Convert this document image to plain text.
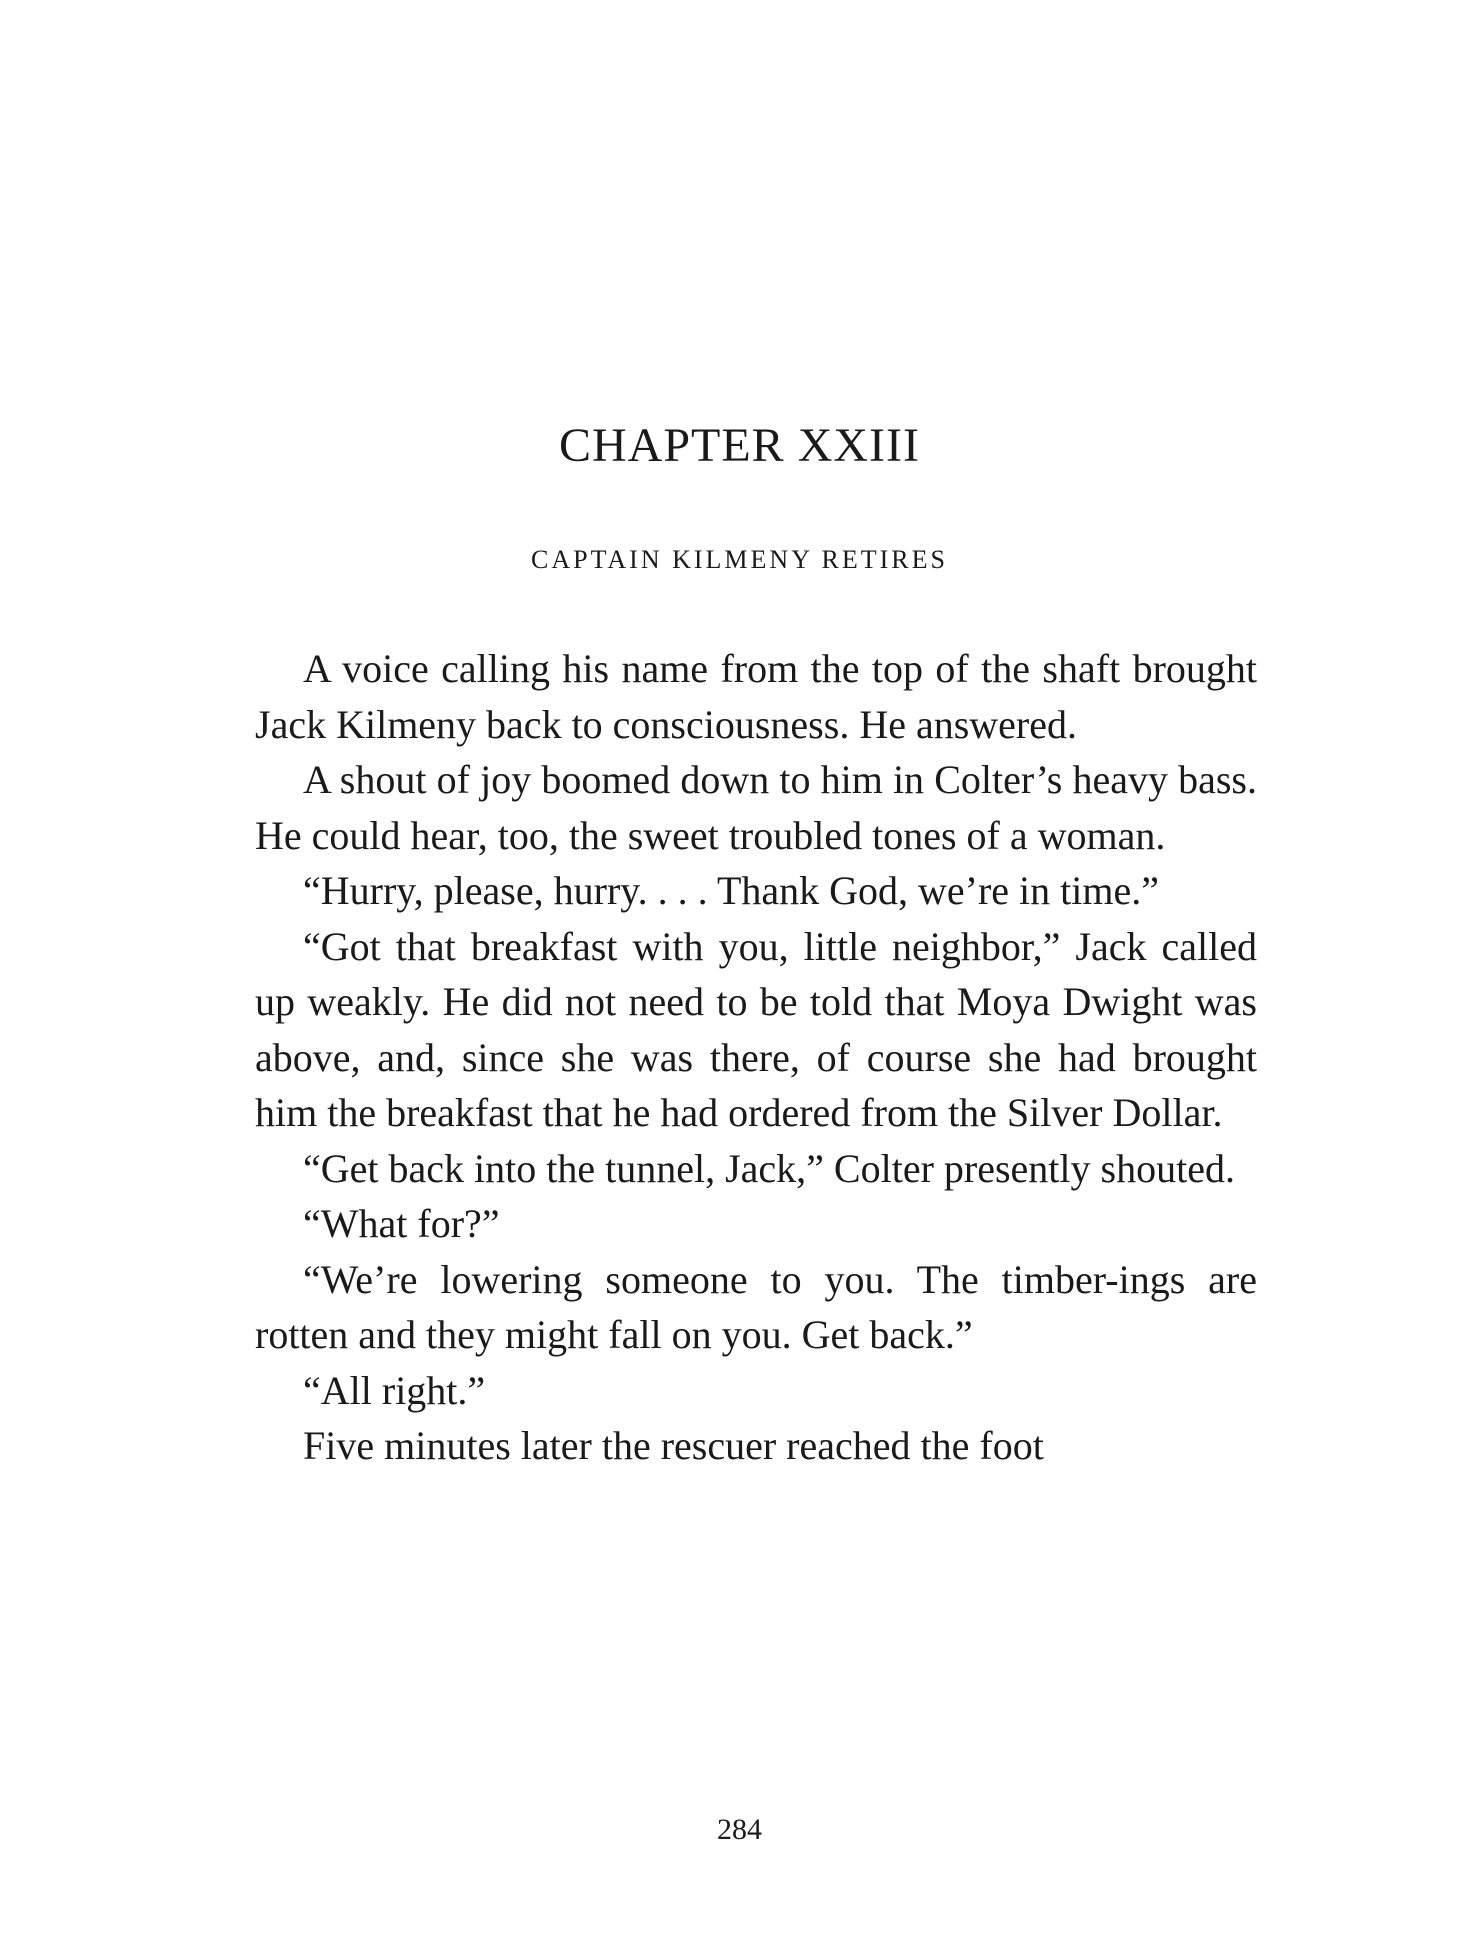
CHAPTER XXIII
CAPTAIN KILMENY RETIRES

A voice calling his name from the top of the shaft brought Jack Kilmeny back to consciousness. He answered.

A shout of joy boomed down to him in Colter’s heavy bass. He could hear, too, the sweet troubled tones of a woman.

“Hurry, please, hurry. . . . Thank God, we’re in time.”

“Got that breakfast with you, little neighbor,” Jack called up weakly. He did not need to be told that Moya Dwight was above, and, since she was there, of course she had brought him the breakfast that he had ordered from the Silver Dollar.

“Get back into the tunnel, Jack,” Colter presently shouted.

“What for?”

“We’re lowering someone to you. The timber-ings are rotten and they might fall on you. Get back.”

“All right.”

Five minutes later the rescuer reached the foot

284
